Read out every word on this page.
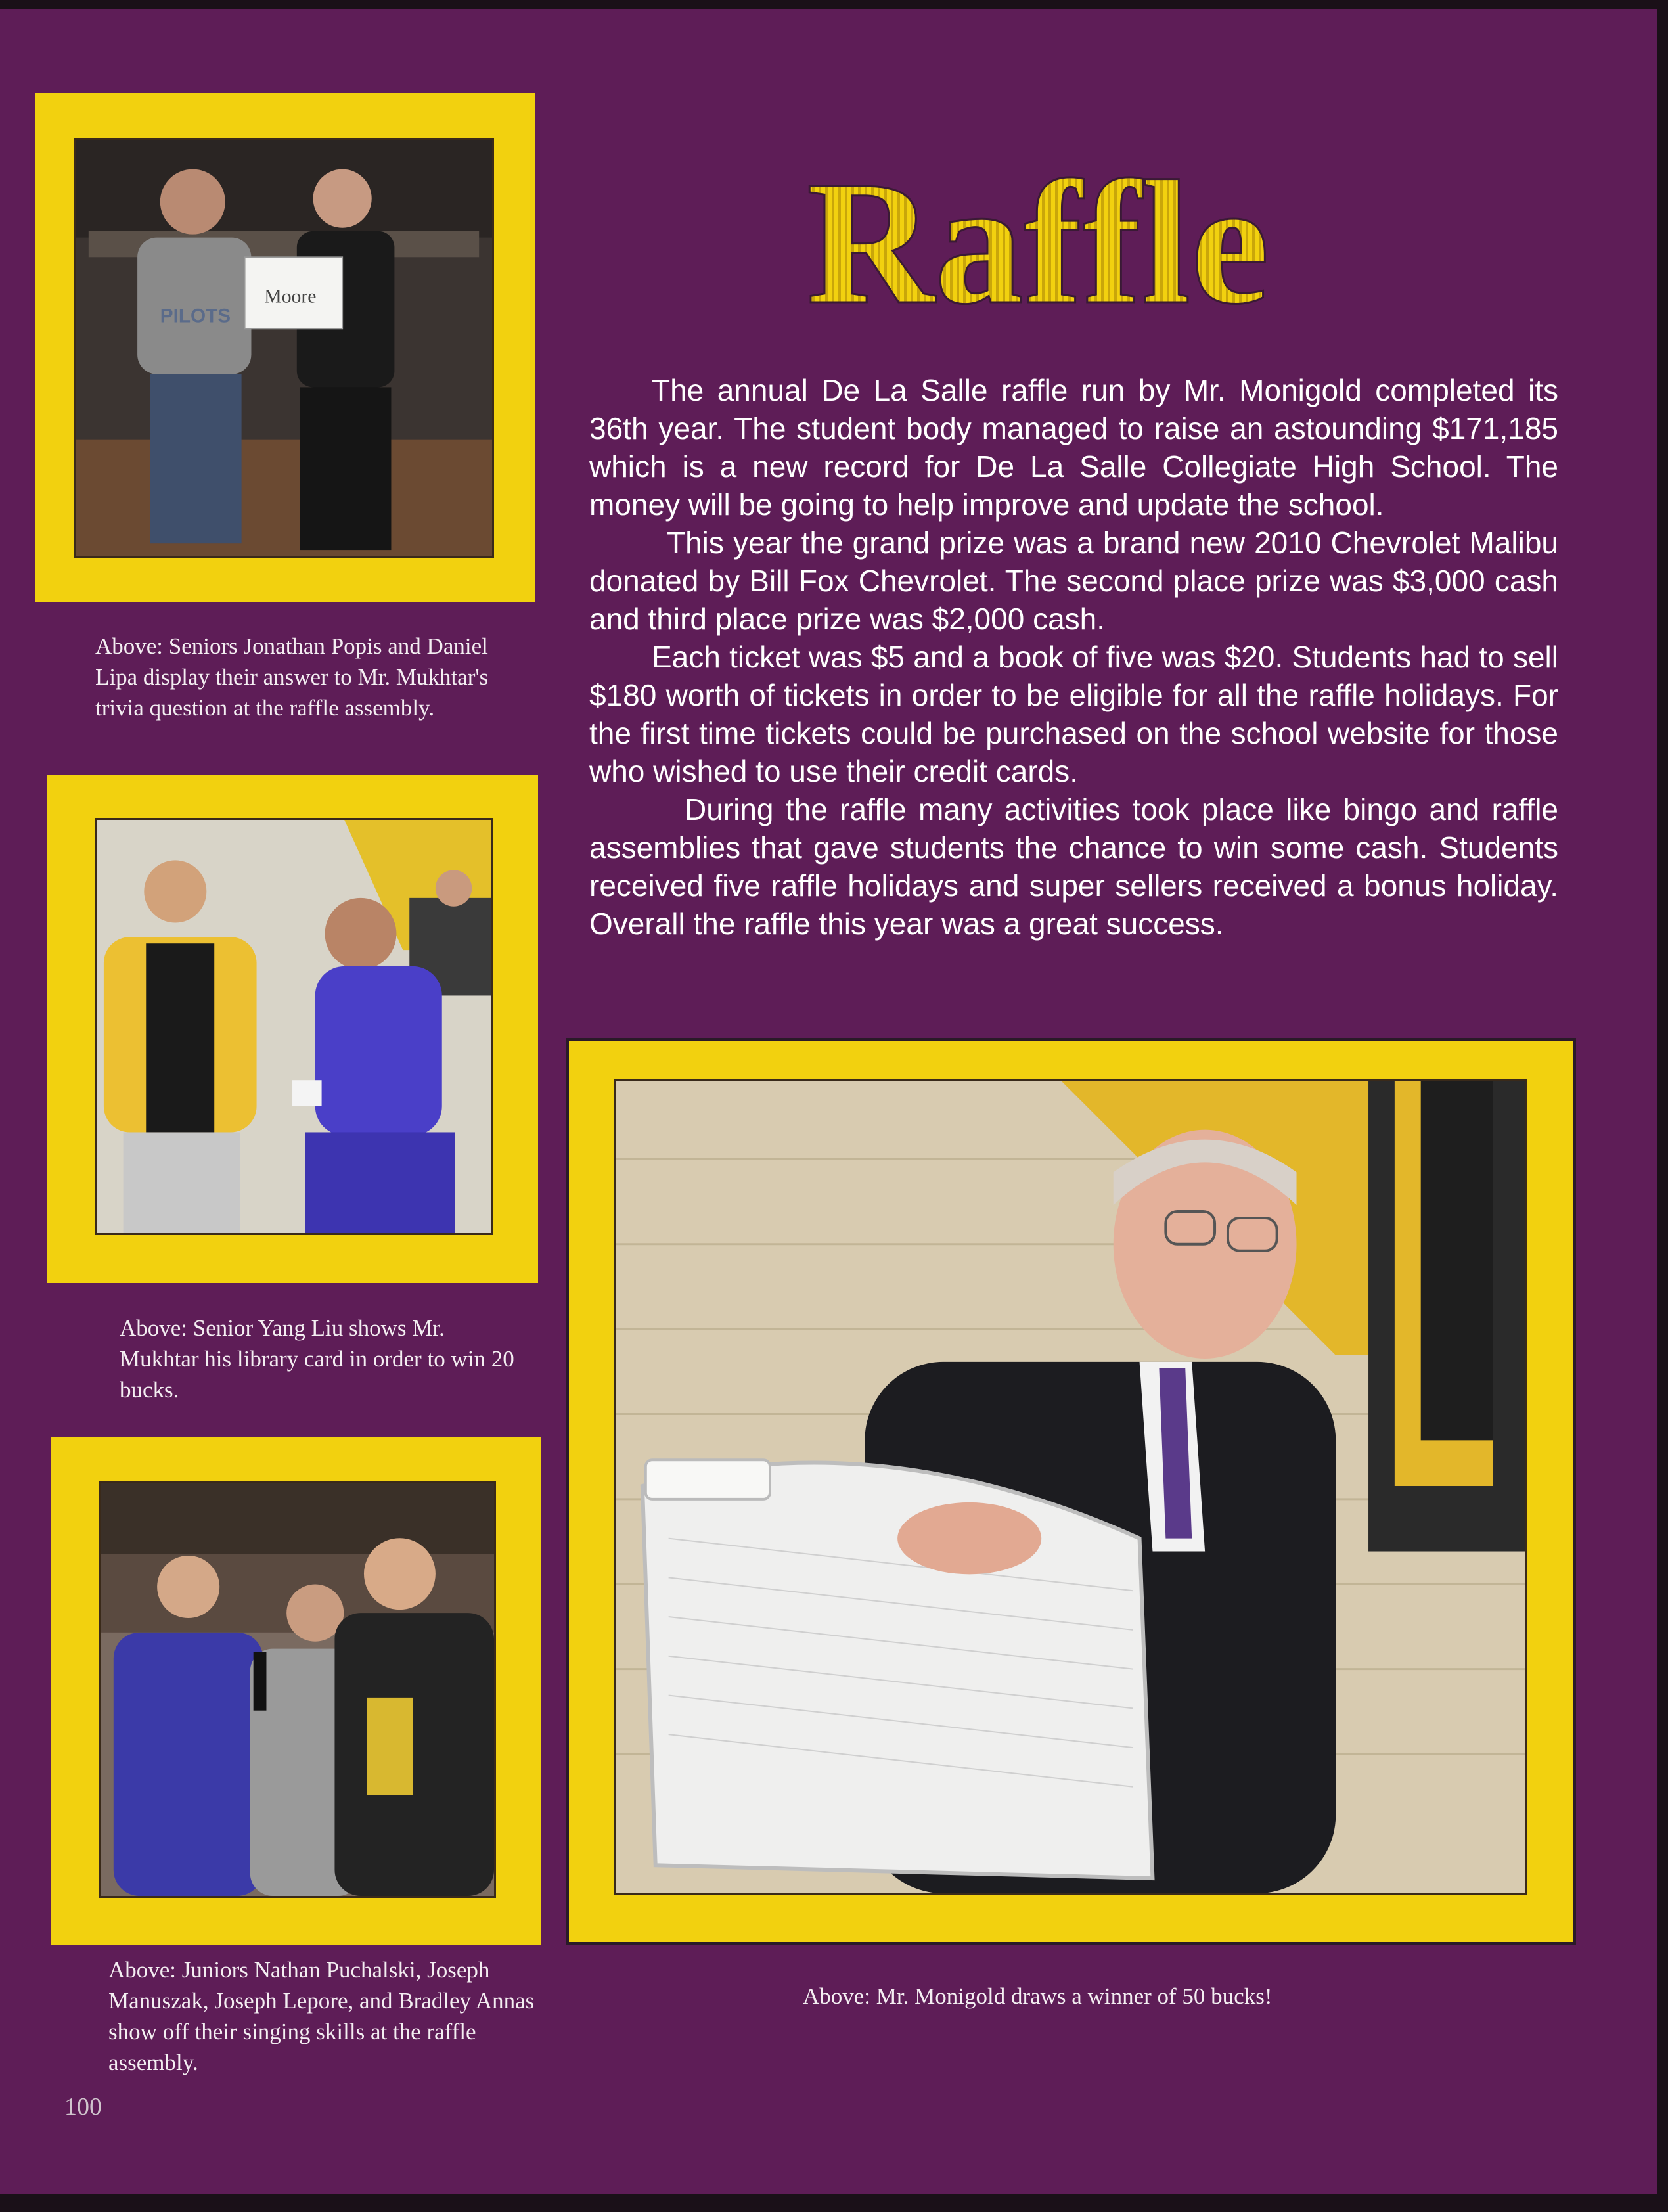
PILOTS
Moore
Above: Seniors Jonathan Popis and Daniel Lipa display their answer to Mr. Mukhtar's trivia question at the raffle assembly.
Above: Senior Yang Liu shows Mr. Mukhtar his library card in order to win 20 bucks.
Above: Juniors Nathan Puchalski, Joseph Manuszak, Joseph Lepore, and Bradley Annas show off their singing skills at the raffle assembly.
Raffle

The annual De La Salle raffle run by Mr. Monigold completed its 36th year. The student body managed to raise an astounding $171,185 which is a new record for De La Salle Collegiate High School. The money will be going to help improve and update the school.

This year the grand prize was a brand new 2010 Chevrolet Malibu donated by Bill Fox Chevrolet. The second place prize was $3,000 cash and third place prize was $2,000 cash.

Each ticket was $5 and a book of five was $20. Students had to sell $180 worth of tickets in order to be eligible for all the raffle holidays. For the first time tickets could be purchased on the school website for those who wished to use their credit cards.

During the raffle many activities took place like bingo and raffle assemblies that gave students the chance to win some cash. Students received five raffle holidays and super sellers received a bonus holiday. Overall the raffle this year was a great success.

Above: Mr. Monigold draws a winner of 50 bucks!
100
